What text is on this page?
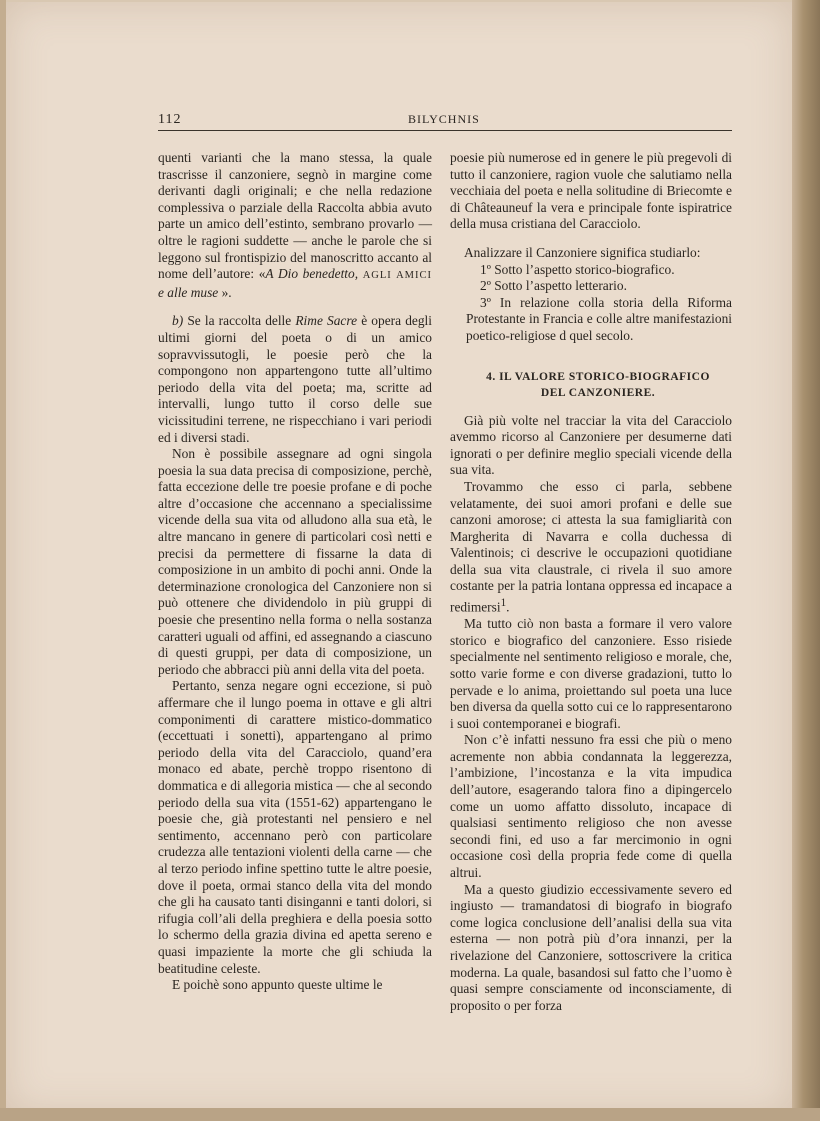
112	BILYCHNIS

quenti varianti che la mano stessa, la quale trascrisse il canzoniere, segnò in margine come derivanti dagli originali; e che nella redazione complessiva o parziale della Raccolta abbia avuto parte un amico dell’estinto, sembrano provarlo — oltre le ragioni suddette — anche le parole che si leggono sul frontispizio del manoscritto accanto al nome dell’autore: «A Dio benedetto, AGLI AMICI e alle muse ».

b) Se la raccolta delle Rime Sacre è opera degli ultimi giorni del poeta o di un amico sopravvissutogli, le poesie però che la compongono non appartengono tutte all’ultimo periodo della vita del poeta; ma, scritte ad intervalli, lungo tutto il corso delle sue vicissitudini terrene, ne rispecchiano i vari periodi ed i diversi stadi.

Non è possibile assegnare ad ogni singola poesia la sua data precisa di composizione, perchè, fatta eccezione delle tre poesie profane e di poche altre d’occasione che accennano a specialissime vicende della sua vita od alludono alla sua età, le altre mancano in genere di particolari così netti e precisi da permettere di fissarne la data di composizione in un ambito di pochi anni. Onde la determinazione cronologica del Canzoniere non si può ottenere che dividendolo in più gruppi di poesie che presentino nella forma o nella sostanza caratteri uguali od affini, ed assegnando a ciascuno di questi gruppi, per data di composizione, un periodo che abbracci più anni della vita del poeta.

Pertanto, senza negare ogni eccezione, si può affermare che il lungo poema in ottave e gli altri componimenti di carattere mistico-dommatico (eccettuati i sonetti), appartengano al primo periodo della vita del Caracciolo, quand’era monaco ed abate, perchè troppo risentono di dommatica e di allegoria mistica — che al secondo periodo della sua vita (1551-62) appartengano le poesie che, già protestanti nel pensiero e nel sentimento, accennano però con particolare crudezza alle tentazioni violenti della carne — che al terzo periodo infine spettino tutte le altre poesie, dove il poeta, ormai stanco della vita del mondo che gli ha causato tanti disinganni e tanti dolori, si rifugia coll’ali della preghiera e della poesia sotto lo schermo della grazia divina ed apetta sereno e quasi impaziente la morte che gli schiuda la beatitudine celeste.

E poichè sono appunto queste ultime le

poesie più numerose ed in genere le più pregevoli di tutto il canzoniere, ragion vuole che salutiamo nella vecchiaia del poeta e nella solitudine di Briecomte e di Châteauneuf la vera e principale fonte ispiratrice della musa cristiana del Caracciolo.

Analizzare il Canzoniere significa studiarlo:

1º Sotto l’aspetto storico-biografico.

2º Sotto l’aspetto letterario.

3º In relazione colla storia della Riforma Protestante in Francia e colle altre manifestazioni poetico-religiose d quel secolo.

4. IL VALORE STORICO-BIOGRAFICO

DEL CANZONIERE.

Già più volte nel tracciar la vita del Caracciolo avemmo ricorso al Canzoniere per desumerne dati ignorati o per definire meglio speciali vicende della sua vita.

Trovammo che esso ci parla, sebbene velatamente, dei suoi amori profani e delle sue canzoni amorose; ci attesta la sua famigliarità con Margherita di Navarra e colla duchessa di Valentinois; ci descrive le occupazioni quotidiane della sua vita claustrale, ci rivela il suo amore costante per la patria lontana oppressa ed incapace a redimersi$^1$.

Ma tutto ciò non basta a formare il vero valore storico e biografico del canzoniere. Esso risiede specialmente nel sentimento religioso e morale, che, sotto varie forme e con diverse gradazioni, tutto lo pervade e lo anima, proiettando sul poeta una luce ben diversa da quella sotto cui ce lo rappresentarono i suoi contemporanei e biografi.

Non c’è infatti nessuno fra essi che più o meno acremente non abbia condannata la leggerezza, l’ambizione, l’incostanza e la vita impudica dell’autore, esagerando talora fino a dipingercelo come un uomo affatto dissoluto, incapace di qualsiasi sentimento religioso che non avesse secondi fini, ed uso a far mercimonio in ogni occasione così della propria fede come di quella altrui.

Ma a questo giudizio eccessivamente severo ed ingiusto — tramandatosi di biografo in biografo come logica conclusione dell’analisi della sua vita esterna — non potrà più d’ora innanzi, per la rivelazione del Canzoniere, sottoscrivere la critica moderna. La quale, basandosi sul fatto che l’uomo è quasi sempre consciamente od inconsciamente, di proposito o per forza
